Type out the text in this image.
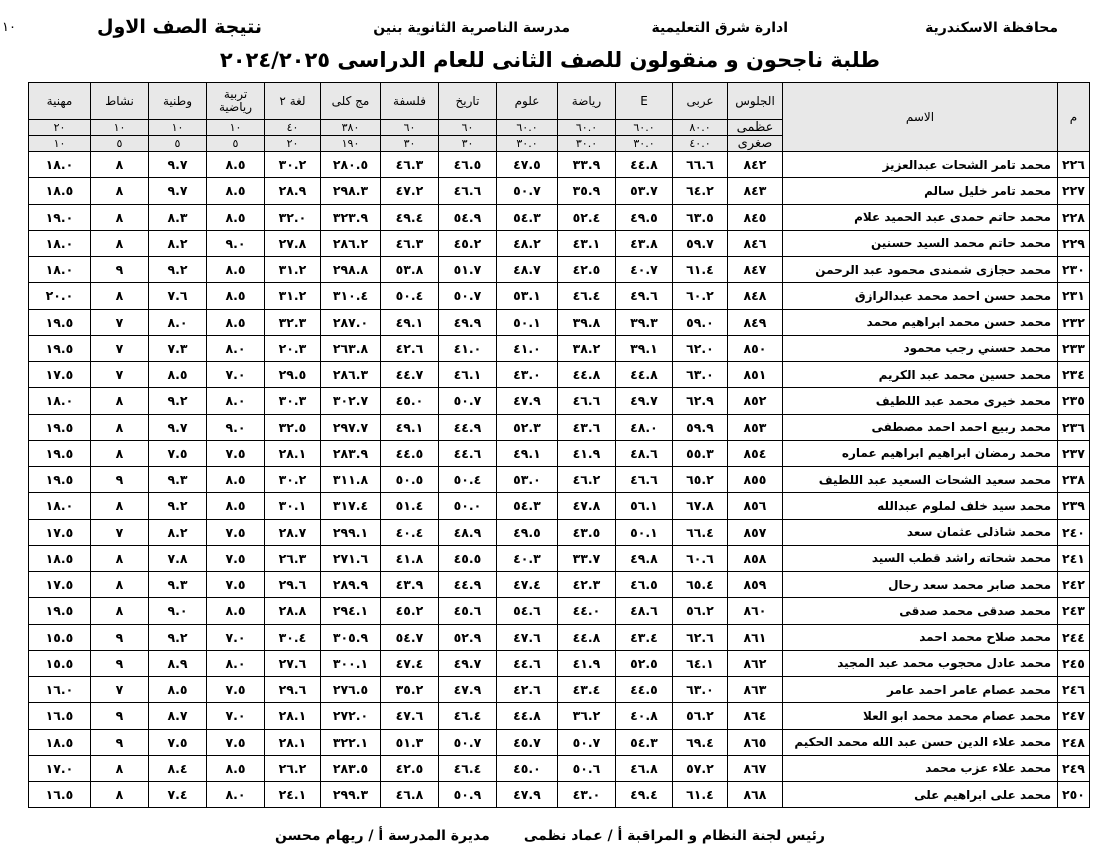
محافظة الاسكندرية
ادارة شرق التعليمية
مدرسة الناصرية الثانوية بنين
نتيجة الصف الاول
١٠
طلبة ناجحون و منقولون للصف الثانى للعام الدراسى ٢٠٢٤/٢٠٢٥
م	الاسم	الجلوس	عربى	E	رياضة	علوم	تاريخ	فلسفة	مج كلى	لغة ٢	تربية رياضية	وطنية	نشاط	مهنية
		عظمى	٨٠.٠	٦٠.٠	٦٠.٠	٦٠.٠	٦٠	٦٠	٣٨٠	٤٠	١٠	١٠	١٠	٢٠
		صغرى	٤٠.٠	٣٠.٠	٣٠.٠	٣٠.٠	٣٠	٣٠	١٩٠	٢٠	٥	٥	٥	١٠
٢٢٦	محمد تامر الشحات عبدالعزيز	٨٤٢	٦٦.٦	٤٤.٨	٣٣.٩	٤٧.٥	٤٦.٥	٤٦.٣	٢٨٠.٥	٣٠.٢	٨.٥	٩.٧	٨	١٨.٠
٢٢٧	محمد تامر خليل سالم	٨٤٣	٦٤.٢	٥٣.٧	٣٥.٩	٥٠.٧	٤٦.٦	٤٧.٢	٢٩٨.٣	٢٨.٩	٨.٥	٩.٧	٨	١٨.٥
٢٢٨	محمد حاتم حمدى عبد الحميد علام	٨٤٥	٦٣.٥	٤٩.٥	٥٢.٤	٥٤.٣	٥٤.٩	٤٩.٤	٣٢٣.٩	٣٢.٠	٨.٥	٨.٣	٨	١٩.٠
٢٢٩	محمد حاتم محمد السيد حسنين	٨٤٦	٥٩.٧	٤٣.٨	٤٣.١	٤٨.٢	٤٥.٢	٤٦.٣	٢٨٦.٢	٢٧.٨	٩.٠	٨.٢	٨	١٨.٠
٢٣٠	محمد حجازى شمندى محمود عبد الرحمن	٨٤٧	٦١.٤	٤٠.٧	٤٢.٥	٤٨.٧	٥١.٧	٥٣.٨	٢٩٨.٨	٣١.٢	٨.٥	٩.٢	٩	١٨.٠
٢٣١	محمد حسن احمد محمد عبدالرازق	٨٤٨	٦٠.٢	٤٩.٦	٤٦.٤	٥٣.١	٥٠.٧	٥٠.٤	٣١٠.٤	٣١.٢	٨.٥	٧.٦	٨	٢٠.٠
٢٣٢	محمد حسن محمد ابراهيم محمد	٨٤٩	٥٩.٠	٣٩.٣	٣٩.٨	٥٠.١	٤٩.٩	٤٩.١	٢٨٧.٠	٣٢.٣	٨.٥	٨.٠	٧	١٩.٥
٢٣٣	محمد حسني رجب محمود	٨٥٠	٦٢.٠	٣٩.١	٣٨.٢	٤١.٠	٤١.٠	٤٢.٦	٢٦٣.٨	٢٠.٣	٨.٠	٧.٣	٧	١٩.٥
٢٣٤	محمد حسين محمد عبد الكريم	٨٥١	٦٣.٠	٤٤.٨	٤٤.٨	٤٣.٠	٤٦.١	٤٤.٧	٢٨٦.٣	٢٩.٥	٧.٠	٨.٥	٧	١٧.٥
٢٣٥	محمد خيرى محمد عبد اللطيف	٨٥٢	٦٢.٩	٤٩.٧	٤٦.٦	٤٧.٩	٥٠.٧	٤٥.٠	٣٠٢.٧	٣٠.٣	٨.٠	٩.٢	٨	١٨.٠
٢٣٦	محمد ربيع احمد احمد مصطفى	٨٥٣	٥٩.٩	٤٨.٠	٤٣.٦	٥٢.٣	٤٤.٩	٤٩.١	٢٩٧.٧	٣٢.٥	٩.٠	٩.٧	٨	١٩.٥
٢٣٧	محمد رمضان ابراهيم ابراهيم عماره	٨٥٤	٥٥.٣	٤٨.٦	٤١.٩	٤٩.١	٤٤.٦	٤٤.٥	٢٨٣.٩	٢٨.١	٧.٥	٧.٥	٨	١٩.٥
٢٣٨	محمد سعيد الشحات السعيد عبد اللطيف	٨٥٥	٦٥.٢	٤٦.٦	٤٦.٢	٥٣.٠	٥٠.٤	٥٠.٥	٣١١.٨	٣٠.٢	٨.٥	٩.٣	٩	١٩.٥
٢٣٩	محمد سيد خلف لملوم عبدالله	٨٥٦	٦٧.٨	٥٦.١	٤٧.٨	٥٤.٣	٥٠.٠	٥١.٤	٣١٧.٤	٣٠.١	٨.٥	٩.٢	٨	١٨.٠
٢٤٠	محمد شاذلى عثمان سعد	٨٥٧	٦٦.٤	٥٠.١	٤٣.٥	٤٩.٥	٤٨.٩	٤٠.٤	٢٩٩.١	٢٨.٧	٧.٥	٨.٢	٧	١٧.٥
٢٤١	محمد شحاته راشد قطب السيد	٨٥٨	٦٠.٦	٤٩.٨	٣٣.٧	٤٠.٣	٤٥.٥	٤١.٨	٢٧١.٦	٢٦.٣	٧.٥	٧.٨	٨	١٨.٥
٢٤٢	محمد صابر محمد سعد رحال	٨٥٩	٦٥.٤	٤٦.٥	٤٢.٣	٤٧.٤	٤٤.٩	٤٣.٩	٢٨٩.٩	٢٩.٦	٧.٥	٩.٣	٨	١٧.٥
٢٤٣	محمد صدقى محمد صدقى	٨٦٠	٥٦.٢	٤٨.٦	٤٤.٠	٥٤.٦	٤٥.٦	٤٥.٢	٢٩٤.١	٢٨.٨	٨.٥	٩.٠	٨	١٩.٥
٢٤٤	محمد صلاح محمد احمد	٨٦١	٦٢.٦	٤٣.٤	٤٤.٨	٤٧.٦	٥٢.٩	٥٤.٧	٣٠٥.٩	٣٠.٤	٧.٠	٩.٢	٩	١٥.٥
٢٤٥	محمد عادل محجوب محمد عبد المجيد	٨٦٢	٦٤.١	٥٢.٥	٤١.٩	٤٤.٦	٤٩.٧	٤٧.٤	٣٠٠.١	٢٧.٦	٨.٠	٨.٩	٩	١٥.٥
٢٤٦	محمد عصام عامر احمد عامر	٨٦٣	٦٣.٠	٤٤.٥	٤٣.٤	٤٢.٦	٤٧.٩	٣٥.٢	٢٧٦.٥	٢٩.٦	٧.٥	٨.٥	٧	١٦.٠
٢٤٧	محمد عصام محمد محمد ابو العلا	٨٦٤	٥٦.٢	٤٠.٨	٣٦.٢	٤٤.٨	٤٦.٤	٤٧.٦	٢٧٢.٠	٢٨.١	٧.٠	٨.٧	٩	١٦.٥
٢٤٨	محمد علاء الدين حسن عبد الله محمد الحكيم	٨٦٥	٦٩.٤	٥٤.٣	٥٠.٧	٤٥.٧	٥٠.٧	٥١.٣	٣٢٢.١	٢٨.١	٧.٥	٧.٥	٩	١٨.٥
٢٤٩	محمد علاء عزب محمد	٨٦٧	٥٧.٢	٤٦.٨	٥٠.٦	٤٥.٠	٤٦.٤	٤٢.٥	٢٨٣.٥	٢٦.٢	٨.٥	٨.٤	٨	١٧.٠
٢٥٠	محمد على ابراهيم على	٨٦٨	٦١.٤	٤٩.٤	٤٣.٠	٤٧.٩	٥٠.٩	٤٦.٨	٢٩٩.٣	٢٤.١	٨.٠	٧.٤	٨	١٦.٥
رئيس لجنة النظام و المراقبة أ / عماد نظمى       مديرة المدرسة أ / ريهام محسن
